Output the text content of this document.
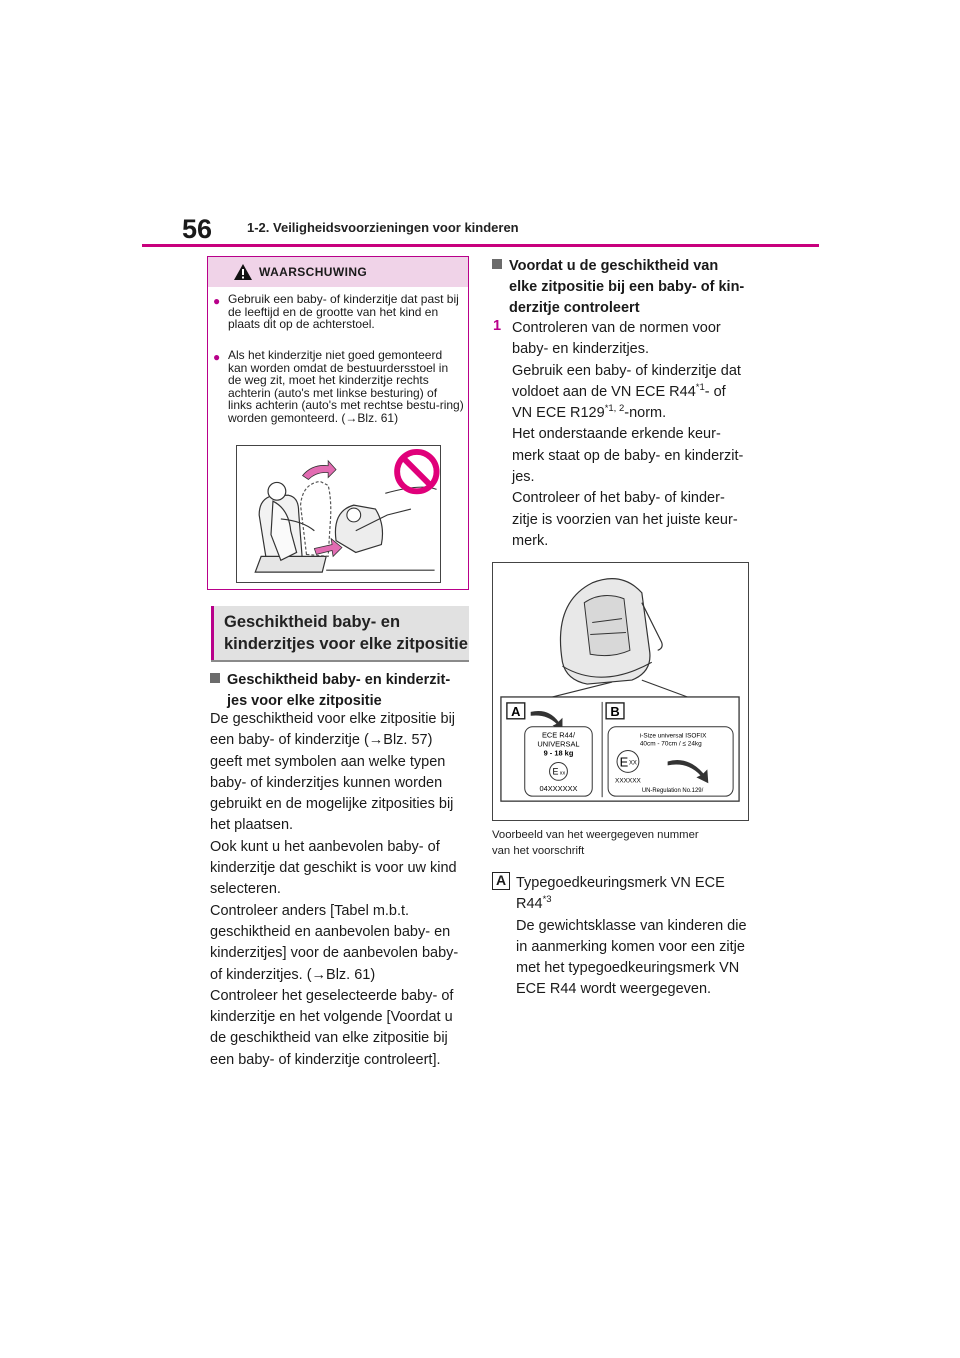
56	1-2. Veiligheidsvoorzieningen voor kinderen
WAARSCHUWING
● Gebruik een baby- of kinderzitje dat past bij de leeftijd en de grootte van het kind en plaats dit op de achterstoel.
● Als het kinderzitje niet goed gemonteerd kan worden omdat de bestuurdersstoel in de weg zit, moet het kinderzitje rechts achterin (auto's met linkse besturing) of links achterin (auto's met rechtse bestu-ring) worden gemonteerd. (→Blz. 61)
Geschiktheid baby- en
kinderzitjes voor elke zitpositie
Geschiktheid baby- en kinderzit-
jes voor elke zitpositie
De geschiktheid voor elke zitpositie bij
een baby- of kinderzitje (→Blz. 57)
geeft met symbolen aan welke typen
baby- of kinderzitjes kunnen worden
gebruikt en de mogelijke zitposities bij
het plaatsen.
Ook kunt u het aanbevolen baby- of
kinderzitje dat geschikt is voor uw kind
selecteren.
Controleer anders [Tabel m.b.t.
geschiktheid en aanbevolen baby- en
kinderzitjes] voor de aanbevolen baby-
of kinderzitjes. (→Blz. 61)
Controleer het geselecteerde baby- of
kinderzitje en het volgende [Voordat u
de geschiktheid van elke zitpositie bij
een baby- of kinderzitje controleert].
Voordat u de geschiktheid van
elke zitpositie bij een baby- of kin-
derzitje controleert
1 Controleren van de normen voor
baby- en kinderzitjes.
Gebruik een baby- of kinderzitje dat
voldoet aan de VN ECE R44$^{*1}$- of
VN ECE R129$^{*1, 2}$-norm.
Het onderstaande erkende keur-
merk staat op de baby- en kinderzit-
jes.
Controleer of het baby- of kinder-
zitje is voorzien van het juiste keur-
merk.
A	B
ECE R44/
UNIVERSAL
9 - 18 kg
E xx
04XXXXXX
i-Size universal ISOFIX
40cm - 70cm / ≤ 24kg
E XX
XXXXXX
UN-Regulation No.129/
Voorbeeld van het weergegeven nummer
van het voorschrift
A Typegoedkeuringsmerk VN ECE
R44$^{*3}$
De gewichtsklasse van kinderen die
in aanmerking komen voor een zitje
met het typegoedkeuringsmerk VN
ECE R44 wordt weergegeven.
